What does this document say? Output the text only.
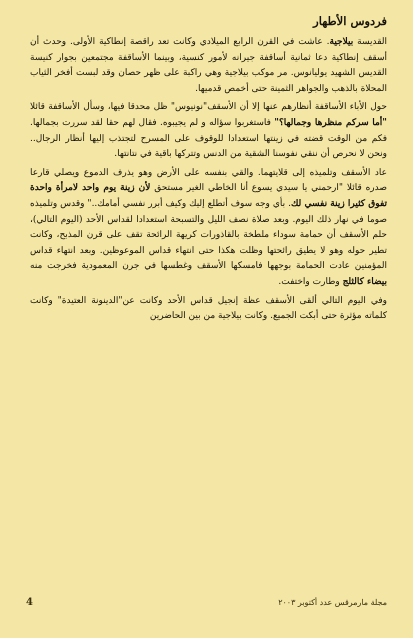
فردوس الأطهار

القديسة بيلاجية. عاشت في القرن الرابع الميلادي وكانت تعد راقصة إنطاكية الأولى. وحدث أن أسقف إنطاكية دعا ثمانية أساقفة جيرانه لأمور كنسية، وبينما الأساقفة مجتمعين بجوار كنيسة القديس الشهيد يوليانوس. مر موكب بيلاجية وهي راكبة على ظهر حصان وقد لبست أفخر الثياب المحلاة بالذهب والجواهر الثمينة حتى أخمص قدميها.

حول الأباء الأساقفة أنظارهم عنها إلا أن الأسقف"نونيوس" ظل محدقا فيها، وسأل الأساقفة قائلا "أما سركم منظرها وجمالها؟" فاستغربوا سؤاله و لم يجيبوه. فقال لهم حقا لقد سررت بجمالها. فكم من الوقت قضته في زينتها استعدادا للوقوف على المسرح لتجتذب إليها أنظار الرجال.. ونحن لا نحرص أن ننقي نفوسنا الشقية من الدنس وتتركها باقية في نتانتها.

عاد الأسقف وتلميذه إلى قلايتهما. والقي بنفسه على الأرض وهو يذرف الدموع ويصلي قارعا صدره قائلا "ارحمني يا سيدي يسوع أنا الخاطي الغير مستحق لأن زينة يوم واحد لامرأة واحدة تفوق كثيرا زينة نفسي لك. بأي وجه سوف أتطلع إليك وكيف أبرر نفسي أمامك.." وقدس وتلميذه صوما في نهار ذلك اليوم. وبعد صلاة نصف الليل والتسبحة استعدادا لقداس الأحد (اليوم التالي)، حلم الأسقف أن حمامة سوداء ملطخة بالقاذورات كريهة الرائحة تقف على قرن المذبح، وكانت تطير حوله وهو لا يطيق رائحتها وظلت هكذا حتى انتهاء قداس الموعوظين. وبعد انتهاء قداس المؤمنين عادت الحمامة بوجهها فامسكها الأسقف وغطسها في جرن المعمودية فخرجت منه بيضاء كالثلج وطارت واختفت.

وفي اليوم التالي ألقى الأسقف عظة إنجيل قداس الأحد وكانت عن"الدينونة العتيدة" وكانت كلماته مؤثرة حتى أبكت الجميع. وكانت بيلاجية من بين الحاضرين

4	مجلة مارمرقس عدد أكتوبر ٢٠٠٣
